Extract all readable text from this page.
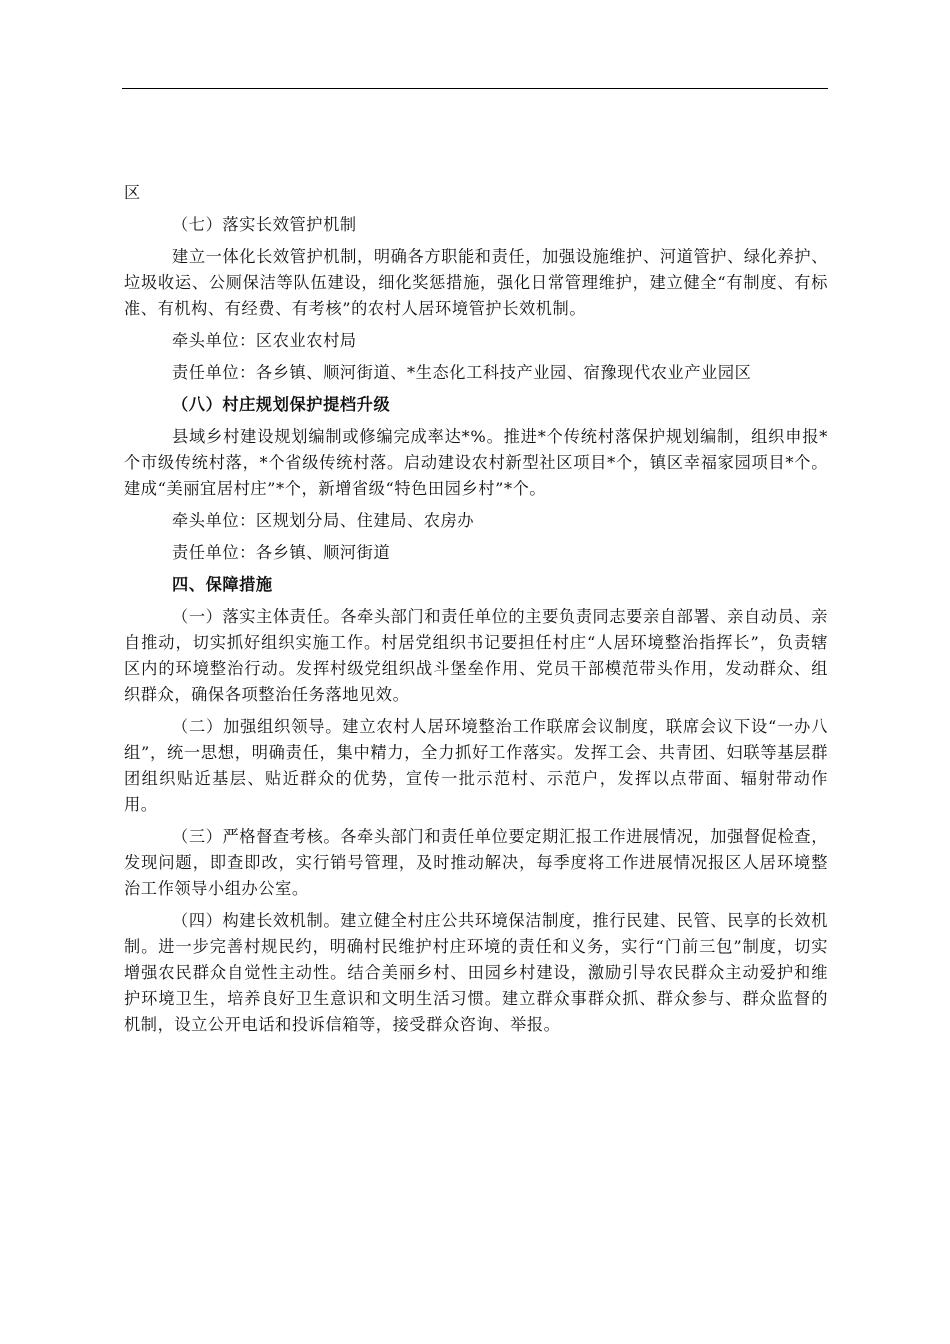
区

（七）落实长效管护机制

建立一体化长效管护机制，明确各方职能和责任，加强设施维护、河道管护、绿化养护、垃圾收运、公厕保洁等队伍建设，细化奖惩措施，强化日常管理维护，建立健全“有制度、有标准、有机构、有经费、有考核”的农村人居环境管护长效机制。

牵头单位：区农业农村局

责任单位：各乡镇、顺河街道、*生态化工科技产业园、宿豫现代农业产业园区

（八）村庄规划保护提档升级

县域乡村建设规划编制或修编完成率达*%。推进*个传统村落保护规划编制，组织申报*个市级传统村落，*个省级传统村落。启动建设农村新型社区项目*个，镇区幸福家园项目*个。建成“美丽宜居村庄”*个，新增省级“特色田园乡村”*个。

牵头单位：区规划分局、住建局、农房办

责任单位：各乡镇、顺河街道

四、保障措施

（一）落实主体责任。各牵头部门和责任单位的主要负责同志要亲自部署、亲自动员、亲自推动，切实抓好组织实施工作。村居党组织书记要担任村庄“人居环境整治指挥长”，负责辖区内的环境整治行动。发挥村级党组织战斗堡垒作用、党员干部模范带头作用，发动群众、组织群众，确保各项整治任务落地见效。

（二）加强组织领导。建立农村人居环境整治工作联席会议制度，联席会议下设“一办八组”，统一思想，明确责任，集中精力，全力抓好工作落实。发挥工会、共青团、妇联等基层群团组织贴近基层、贴近群众的优势，宣传一批示范村、示范户，发挥以点带面、辐射带动作用。

（三）严格督查考核。各牵头部门和责任单位要定期汇报工作进展情况，加强督促检查，发现问题，即查即改，实行销号管理，及时推动解决，每季度将工作进展情况报区人居环境整治工作领导小组办公室。

（四）构建长效机制。建立健全村庄公共环境保洁制度，推行民建、民管、民享的长效机制。进一步完善村规民约，明确村民维护村庄环境的责任和义务，实行“门前三包”制度，切实增强农民群众自觉性主动性。结合美丽乡村、田园乡村建设，激励引导农民群众主动爱护和维护环境卫生，培养良好卫生意识和文明生活习惯。建立群众事群众抓、群众参与、群众监督的机制，设立公开电话和投诉信箱等，接受群众咨询、举报。
